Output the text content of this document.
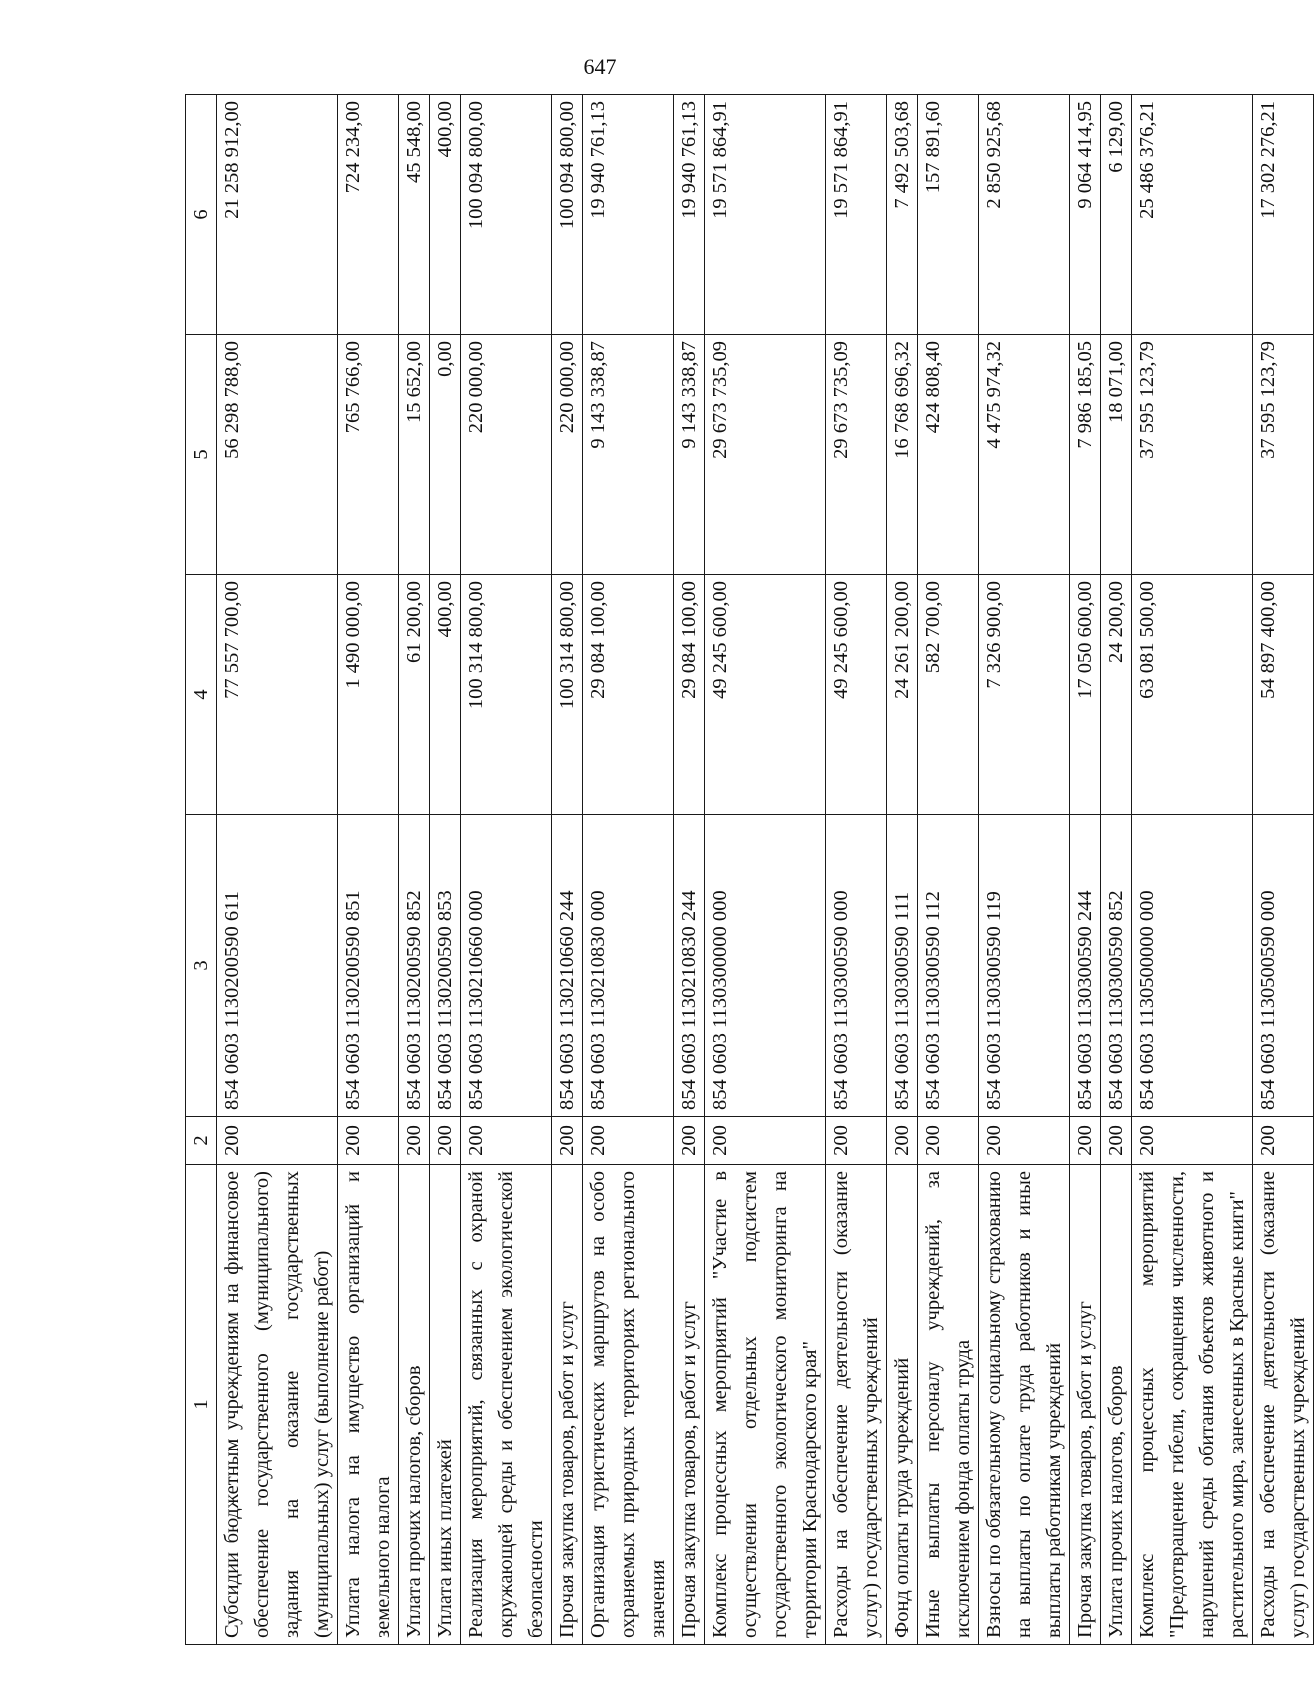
647
1	2	3	4	5	6
Субсидии бюджетным учреждениям на финансовое обеспечение государственного (муниципального) задания на оказание государственных (муниципальных) услуг (выполнение работ)	200	854 0603 1130200590 611	77 557 700,00	56 298 788,00	21 258 912,00
Уплата налога на имущество организаций и земельного налога	200	854 0603 1130200590 851	1 490 000,00	765 766,00	724 234,00
Уплата прочих налогов, сборов	200	854 0603 1130200590 852	61 200,00	15 652,00	45 548,00
Уплата иных платежей	200	854 0603 1130200590 853	400,00	0,00	400,00
Реализация мероприятий, связанных с охраной окружающей среды и обеспечением экологической безопасности	200	854 0603 1130210660 000	100 314 800,00	220 000,00	100 094 800,00
Прочая закупка товаров, работ и услуг	200	854 0603 1130210660 244	100 314 800,00	220 000,00	100 094 800,00
Организация туристических маршрутов на особо охраняемых природных территориях регионального значения	200	854 0603 1130210830 000	29 084 100,00	9 143 338,87	19 940 761,13
Прочая закупка товаров, работ и услуг	200	854 0603 1130210830 244	29 084 100,00	9 143 338,87	19 940 761,13
Комплекс процессных мероприятий "Участие в осуществлении отдельных подсистем государственного экологического мониторинга на территории Краснодарского края"	200	854 0603 1130300000 000	49 245 600,00	29 673 735,09	19 571 864,91
Расходы на обеспечение деятельности (оказание услуг) государственных учреждений	200	854 0603 1130300590 000	49 245 600,00	29 673 735,09	19 571 864,91
Фонд оплаты труда учреждений	200	854 0603 1130300590 111	24 261 200,00	16 768 696,32	7 492 503,68
Иные выплаты персоналу учреждений, за исключением фонда оплаты труда	200	854 0603 1130300590 112	582 700,00	424 808,40	157 891,60
Взносы по обязательному социальному страхованию на выплаты по оплате труда работников и иные выплаты работникам учреждений	200	854 0603 1130300590 119	7 326 900,00	4 475 974,32	2 850 925,68
Прочая закупка товаров, работ и услуг	200	854 0603 1130300590 244	17 050 600,00	7 986 185,05	9 064 414,95
Уплата прочих налогов, сборов	200	854 0603 1130300590 852	24 200,00	18 071,00	6 129,00
Комплекс процессных мероприятий "Предотвращение гибели, сокращения численности, нарушений среды обитания объектов животного и растительного мира, занесенных в Красные книги"	200	854 0603 1130500000 000	63 081 500,00	37 595 123,79	25 486 376,21
Расходы на обеспечение деятельности (оказание услуг) государственных учреждений	200	854 0603 1130500590 000	54 897 400,00	37 595 123,79	17 302 276,21
